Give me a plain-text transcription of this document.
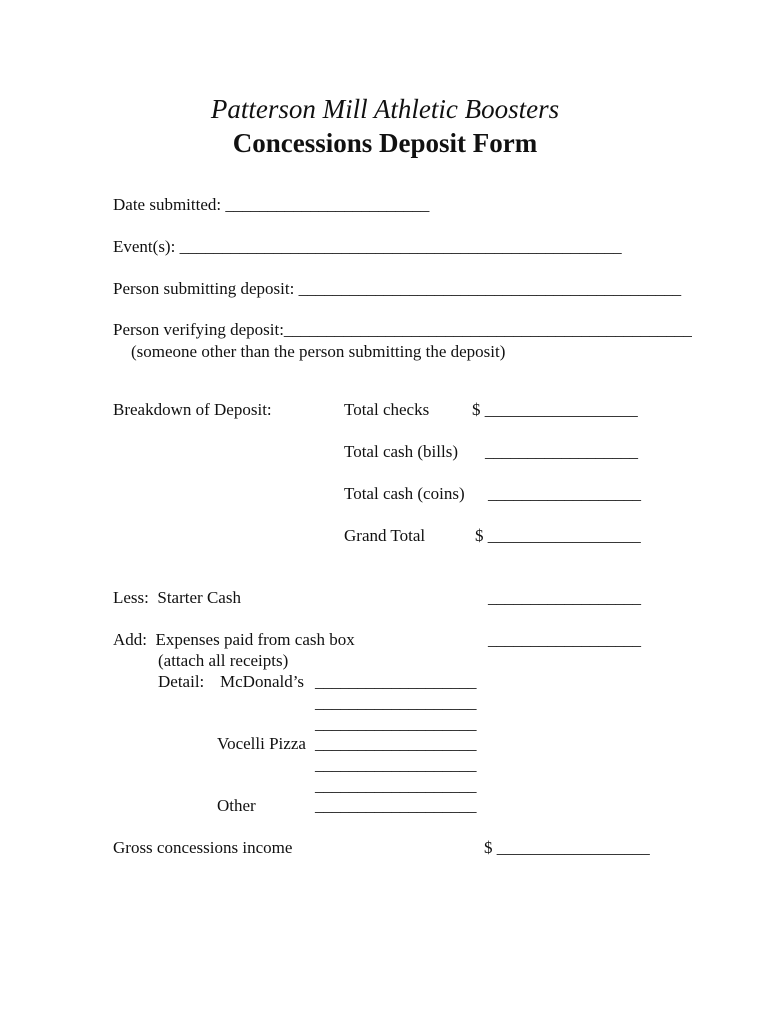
Patterson Mill Athletic Boosters
Concessions Deposit Form
Date submitted: ________________________
Event(s): ____________________________________________________
Person submitting deposit: _____________________________________________
Person verifying deposit:________________________________________________
(someone other than the person submitting the deposit)
Breakdown of Deposit:	Total checks	$ __________________
Total cash (bills) __________________
Total cash (coins) __________________
Grand Total	$ __________________
Less:  Starter Cash	__________________
Add:  Expenses paid from cash box	__________________
(attach all receipts)
Detail: McDonald’s ___________________
___________________
___________________
Vocelli Pizza ___________________
___________________
___________________
Other	___________________
Gross concessions income	$ __________________
